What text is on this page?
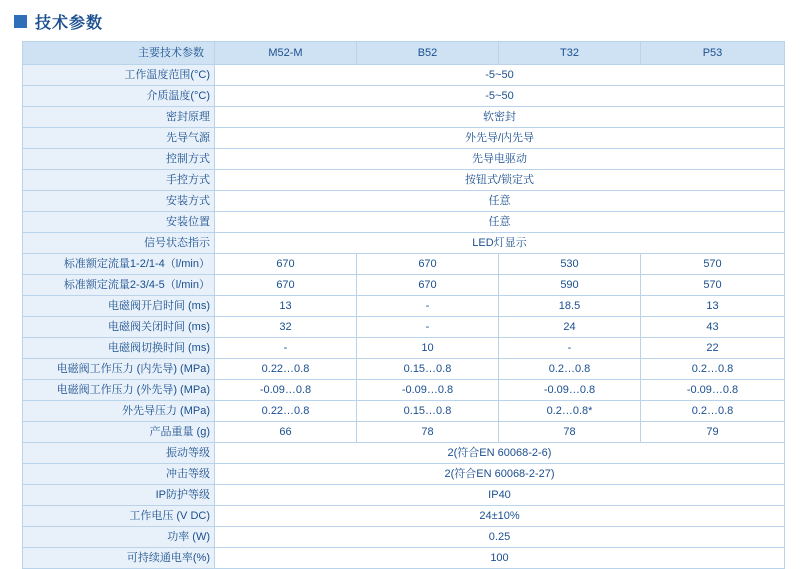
技术参数
主要技术参数	M52-M	B52	T32	P53
工作温度范围(°C)	-5~50			
介质温度(°C)	-5~50			
密封原理	软密封			
先导气源	外先导/内先导			
控制方式	先导电驱动			
手控方式	按钮式/锁定式			
安装方式	任意			
安装位置	任意			
信号状态指示	LED灯显示			
标准额定流量1-2/1-4（l/min）	670	670	530	570
标准额定流量2-3/4-5（l/min）	670	670	590	570
电磁阀开启时间 (ms)	13	-	18.5	13
电磁阀关闭时间 (ms)	32	-	24	43
电磁阀切换时间 (ms)	-	10	-	22
电磁阀工作压力 (内先导) (MPa)	0.22…0.8	0.15…0.8	0.2…0.8	0.2…0.8
电磁阀工作压力 (外先导) (MPa)	-0.09…0.8	-0.09…0.8	-0.09…0.8	-0.09…0.8
外先导压力 (MPa)	0.22…0.8	0.15…0.8	0.2…0.8*	0.2…0.8
产品重量 (g)	66	78	78	79
振动等级	2(符合EN 60068-2-6)			
冲击等级	2(符合EN 60068-2-27)			
IP防护等级	IP40			
工作电压 (V DC)	24±10%			
功率 (W)	0.25			
可持续通电率(%)	100			
